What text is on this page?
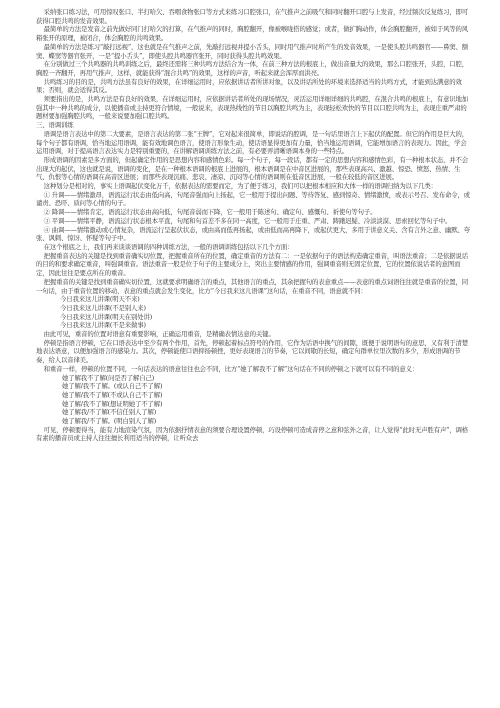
采纳张口练习法，可用惊叹张口、半打哈欠、吞咽食物张口等方式来练习口腔张口，在气推声之前吸气和同时翻开口腔与上发音，经过频次反复练习，即可获得口腔共鸣的发音效果。

最简单的方法是发音之前先做好同门打哈欠的打算，在气推声的同时，胸腔翻开，像被喉咙搭的感觉；或者，做扩胸动作，体会胸腔翻开，被如于风等的风箱张开的原理，被闭合，体会胸腔的共鸣效果。

最简单的方法是练习“敲打远视”，这也就是在气推声之前，先敲打远视并提小舌头，同时用气推声时所产生的发音效果，一是使头腔共鸣器官——鼻窦、额窦、蝶窦等器官张开，一是“提小舌头”，即使头腔共鸣器官张开，同时获得头腔共鸣效果。

在分别做过三个共鸣器的共鸣训练之后，最终还需将三种共鸣方法结合为一体，在前三种方法的根底上，做出音量大的效果，那么口腔张开，头腔，口腔，胸腔一齐翻开，再用气推声，这样，就能获得“混合共鸣”的效果，这样的声音，听起来就会浑厚而洪亮。

共鸣练习的目的是，共鸣方法虽有良好的效果，在详细运用时，应依据讲话者所讲对象，以及讲话所处的环境来选择适当的共鸣方式，才能到达满意的效果；否则，就会适得其反。

须要指出的是，共鸣方法是有良好的效果，在详细运用时，应依据讲话者所处的现场情况，灵活运用详细详细的共鸣腔，在混合共鸣的根底上，有意识地加强其中一种共鸣的成分，以使播音或主持更符合情境，一般说来，表现热线性的节目以胸腔共鸣为主，表现轻松欢快的节目以口腔共鸣为主，表现庄重严肃的题材要加强胸腔共鸣，一般来说要加强口腔共鸣。

三、语调训练

语调是语言表达中的第二大要素，是语言表达的第二张“王牌”，它对起来很简单，即说话的腔调，是一句话里语言上下起伏的配置。但它的作用是巨大的，每个句子都有语调，恰当地运用语调，能有效地调色语言，使语言形象生动，使话语显得更加有力量，恰当地运用语调，它能增加语言的表现力。因此，学会运用语调，对于提高语言表达实力是特别重要的，在讲解语调训练方法之前，有必要弄清晰语调本身的一些特点。

形成语调的因素是多方面的，但起确定作用的是思想内容和感情色彩。每一个句子，每一段话，都有一定的思想内容和感情色彩，有一种根本状态，并不会出现大的起伏，这也就是说，语调的变化，是在一种根本语调的根底上进展的，根本语调是在中音区进展的，那些表现高兴、激越、惊恐、愤怒、热情、生气、仇恨等心情的语调在高音区进展；而那些表现沉痛、悲哀、凄凉、沉闷等心情的语调则在低音区进展，一般在较低的音区进展。

这种划分是相对的，事实上语调起伏变化万千，依据表达的需要而定，为了便于练习，我们可以把根本相应和大体一样的语调归纳为以下几类：

① 升调——情绪激昂，语流运行状态由低向高，句尾音强而向上扬起，它一般用于提出问题、等待答复、感到惊奇、情绪激愤，或表示号召、发布命令，或谴责、恐吓、质问等心情的句子。

② 降调——情绪肯定，语流运行状态由高向低，句尾音弱而下降，它一般用于陈述句、确定句、感慨句、祈使句等句子。

③ 平调——情绪平静，语流运行状态根本平直，句尾和句首差不多在同一高度，它一般用于庄重、严肃、踌躇迟疑、冷淡淡漠、思索回忆等句子中。

④ 曲调——情绪激动或心情复杂，语流运行呈起伏状态，或由高而低再扬起，或由低而高再降下，或起伏更大，多用于讲意义关、含有言外之意、幽默、夸张、讽刺、惊讶、怀疑等句子中。

在这个根底之上，我们再来谈谈语调的四种训练方法，一般的语调训练包括以下几个方面：

把握重音表达的关键是找到重音确实切位置，把握重音所在的位置，确定重音的方法有二：一是依据句子的语法构造确定重音，叫语法重音；二是依据说话的目的和要求确定重音，叫强调重音。语法重音一般是位于句子的主要成分上，突出主要情感的作用，强调重音则无固定位置，它的位置依说话者的意图而定，因此往往是要点所在的重音。

把握重音的关键是找到重音确实切位置，这就要求明确语言的重点，其他语言的重点，其余把握句的表意重点——表意的重点词语往往就是重音的位置，同一句话，由于重音位置的移动，表意的重点就会发生变化，比方“今日我来这儿语课”这句话，在重音不同，语意就不同：

今日我来这儿讲课(明天不来)

今日我来这儿讲课(不是别人来)

今日我来这儿讲课(明天在别处讲)

今日我来这儿讲课(不是来做事)

由此可见，重音的位置对语意有重要影响，正确运用重音，是精确表情达意的关键。

停顿是指语言停顿，它在口语表达中至少有两个作用，首先，停顿起着标点符号的作用，它作为话语中换气的间隙，既便于说明语句的意思，又有利于清楚地表达语意，以便加强语言的感染力。其次，停顿能使口语抑扬顿挫，更好表现语言的节奏，它以间歇的长短，确定句群单位里次数的多少，形成语调的节奏，给人以音律美。

和重音一样，停顿的位置不同，一句话表达的语意往往也会不同，比方“她了解我不了解”这句话在不同的停顿之下就可以有不同的意义：

她了解我不了解(问是否了解自己)

她了解/我不了解。(或认自己不了解)

她了解/我不了解(不或认自己不了解)

她了解/我不了解(想证明她了不了解)

她了解我/不了解(不信任别人了解)

她了解我/不了解。(明白别人了解)

可见，停顿要得当，能有力地渲染气氛，因为依据抒情表意的须要合理设置停顿，巧设停顿可造成音停之意和弦外之音，让人觉得“此时无声胜有声”，调格有素的播音员或主持人往往擅长利用适当的停顿，让听众去
